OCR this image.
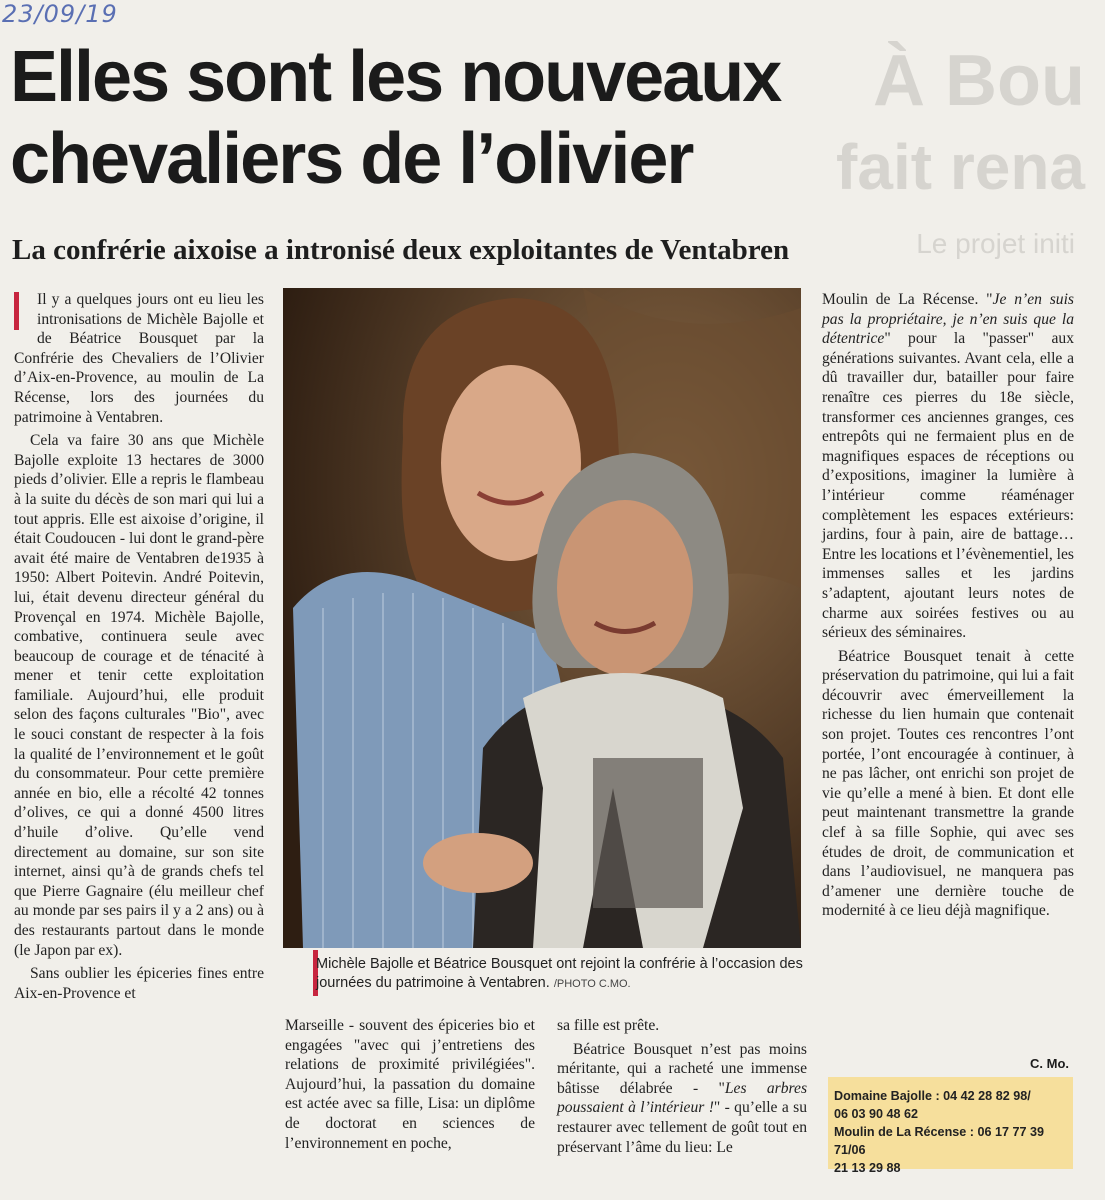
23/09/19
À Bou
fait rena
Le projet initi
Elles sont les nouveaux chevaliers de l’olivier
La confrérie aixoise a intronisé deux exploitantes de Ventabren

Il y a quelques jours ont eu lieu les intronisations de Michèle Bajolle et de Béatrice Bousquet par la Confrérie des Chevaliers de l’Olivier d’Aix-en-Provence, au moulin de La Récense, lors des journées du patrimoine à Ventabren.

Cela va faire 30 ans que Michèle Bajolle exploite 13 hectares de 3000 pieds d’olivier. Elle a repris le flambeau à la suite du décès de son mari qui lui a tout appris. Elle est aixoise d’origine, il était Coudoucen - lui dont le grand-père avait été maire de Ventabren de1935 à 1950: Albert Poitevin. André Poitevin, lui, était devenu directeur général du Provençal en 1974. Michèle Bajolle, combative, continuera seule avec beaucoup de courage et de ténacité à mener et tenir cette exploitation familiale. Aujourd’hui, elle produit selon des façons culturales "Bio", avec le souci constant de respecter à la fois la qualité de l’environnement et le goût du consommateur. Pour cette première année en bio, elle a récolté 42 tonnes d’olives, ce qui a donné 4500 litres d’huile d’olive. Qu’elle vend directement au domaine, sur son site internet, ainsi qu’à de grands chefs tel que Pierre Gagnaire (élu meilleur chef au monde par ses pairs il y a 2 ans) ou à des restaurants partout dans le monde (le Japon par ex).

Sans oublier les épiceries fines entre Aix-en-Provence et

Michèle Bajolle et Béatrice Bousquet ont rejoint la confrérie à l’occasion des journées du patrimoine à Ventabren. /PHOTO C.MO.

Marseille - souvent des épiceries bio et engagées "avec qui j’entretiens des relations de proximité privilégiées". Aujourd’hui, la passation du domaine est actée avec sa fille, Lisa: un diplôme de doctorat en sciences de l’environnement en poche,

sa fille est prête.

Béatrice Bousquet n’est pas moins méritante, qui a racheté une immense bâtisse délabrée - "Les arbres poussaient à l’intérieur !" - qu’elle a su restaurer avec tellement de goût tout en préservant l’âme du lieu: Le

Moulin de La Récense. "Je n’en suis pas la propriétaire, je n’en suis que la détentrice" pour la "passer" aux générations suivantes. Avant cela, elle a dû travailler dur, batailler pour faire renaître ces pierres du 18e siècle, transformer ces anciennes granges, ces entrepôts qui ne fermaient plus en de magnifiques espaces de réceptions ou d’expositions, imaginer la lumière à l’intérieur comme réaménager complètement les espaces extérieurs: jardins, four à pain, aire de battage… Entre les locations et l’évènementiel, les immenses salles et les jardins s’adaptent, ajoutant leurs notes de charme aux soirées festives ou au sérieux des séminaires.

Béatrice Bousquet tenait à cette préservation du patrimoine, qui lui a fait découvrir avec émerveillement la richesse du lien humain que contenait son projet. Toutes ces rencontres l’ont portée, l’ont encouragée à continuer, à ne pas lâcher, ont enrichi son projet de vie qu’elle a mené à bien. Et dont elle peut maintenant transmettre la grande clef à sa fille Sophie, qui avec ses études de droit, de communication et dans l’audiovisuel, ne manquera pas d’amener une dernière touche de modernité à ce lieu déjà magnifique.

C. Mo.
Domaine Bajolle : 04 42 28 82 98/
06 03 90 48 62
Moulin de La Récense : 06 17 77 39 71/06
21 13 29 88
